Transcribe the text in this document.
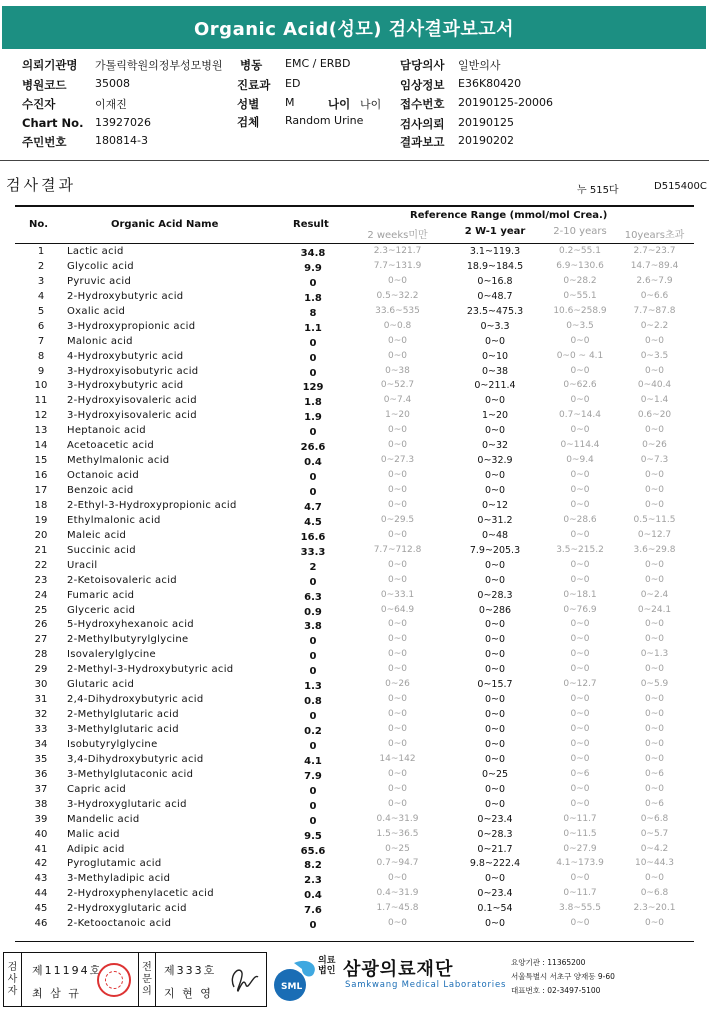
Organic Acid(성모) 검사결과보고서
의뢰기관명 가톨릭학원의정부성모병원 병동 EMC / ERBD	담당의사 일반의사
병원코드	35008	진료과 ED	임상정보 E36K80420
수진자	이재진	성별 M	나이 나이 접수번호 20190125-20006
Chart No. 13927026	검체 Random Urine	검사의뢰 20190125
주민번호	180814-3	결과보고 20190202
검사결과	누 515다	D515400C
No.	Organic Acid Name	Result
Reference Range (mmol/mol Crea.)
2 weeks미만	2 W-1 year	2-10 years	10years초과
1	Lactic acid	34.8	2.3~121.7	3.1~119.3	0.2~55.1	2.7~23.7
2	Glycolic acid	9.9	7.7~131.9	18.9~184.5	6.9~130.6	14.7~89.4
3	Pyruvic acid	0	0~0	0~16.8	0~28.2	2.6~7.9
4	2-Hydroxybutyric acid	1.8	0.5~32.2	0~48.7	0~55.1	0~6.6
5	Oxalic acid	8	33.6~535	23.5~475.3	10.6~258.9	7.7~87.8
6	3-Hydroxypropionic acid	1.1	0~0.8	0~3.3	0~3.5	0~2.2
7	Malonic acid	0	0~0	0~0	0~0	0~0
8	4-Hydroxybutyric acid	0	0~0	0~10	0~0 ~ 4.1	0~3.5
9	3-Hydroxyisobutyric acid	0	0~38	0~38	0~0	0~0
10	3-Hydroxybutyric acid	129	0~52.7	0~211.4	0~62.6	0~40.4
11	2-Hydroxyisovaleric acid	1.8	0~7.4	0~0	0~0	0~1.4
12	3-Hydroxyisovaleric acid	1.9	1~20	1~20	0.7~14.4	0.6~20
13	Heptanoic acid	0	0~0	0~0	0~0	0~0
14	Acetoacetic acid	26.6	0~0	0~32	0~114.4	0~26
15	Methylmalonic acid	0.4	0~27.3	0~32.9	0~9.4	0~7.3
16	Octanoic acid	0	0~0	0~0	0~0	0~0
17	Benzoic acid	0	0~0	0~0	0~0	0~0
18	2-Ethyl-3-Hydroxypropionic acid	4.7	0~0	0~12	0~0	0~0
19	Ethylmalonic acid	4.5	0~29.5	0~31.2	0~28.6	0.5~11.5
20	Maleic acid	16.6	0~0	0~48	0~0	0~12.7
21	Succinic acid	33.3	7.7~712.8	7.9~205.3	3.5~215.2	3.6~29.8
22	Uracil	2	0~0	0~0	0~0	0~0
23	2-Ketoisovaleric acid	0	0~0	0~0	0~0	0~0
24	Fumaric acid	6.3	0~33.1	0~28.3	0~18.1	0~2.4
25	Glyceric acid	0.9	0~64.9	0~286	0~76.9	0~24.1
26	5-Hydroxyhexanoic acid	3.8	0~0	0~0	0~0	0~0
27	2-Methylbutyrylglycine	0	0~0	0~0	0~0	0~0
28	Isovalerylglycine	0	0~0	0~0	0~0	0~1.3
29	2-Methyl-3-Hydroxybutyric acid	0	0~0	0~0	0~0	0~0
30	Glutaric acid	1.3	0~26	0~15.7	0~12.7	0~5.9
31	2,4-Dihydroxybutyric acid	0.8	0~0	0~0	0~0	0~0
32	2-Methylglutaric acid	0	0~0	0~0	0~0	0~0
33	3-Methylglutaric acid	0.2	0~0	0~0	0~0	0~0
34	Isobutyrylglycine	0	0~0	0~0	0~0	0~0
35	3,4-Dihydroxybutyric acid	4.1	14~142	0~0	0~0	0~0
36	3-Methylglutaconic acid	7.9	0~0	0~25	0~6	0~6
37	Capric acid	0	0~0	0~0	0~0	0~0
38	3-Hydroxyglutaric acid	0	0~0	0~0	0~0	0~6
39	Mandelic acid	0	0.4~31.9	0~23.4	0~11.7	0~6.8
40	Malic acid	9.5	1.5~36.5	0~28.3	0~11.5	0~5.7
41	Adipic acid	65.6	0~25	0~21.7	0~27.9	0~4.2
42	Pyroglutamic acid	8.2	0.7~94.7	9.8~222.4	4.1~173.9	10~44.3
43	3-Methyladipic acid	2.3	0~0	0~0	0~0	0~0
44	2-Hydroxyphenylacetic acid	0.4	0.4~31.9	0~23.4	0~11.7	0~6.8
45	2-Hydroxyglutaric acid	7.6	1.7~45.8	0.1~54	3.8~55.5	2.3~20.1
46	2-Ketooctanoic acid	0	0~0	0~0	0~0	0~0
검
사
자
제11194호
최 삼 규
전
문
의
제333호
지 현 영	SML
의료
법인 삼광의료재단
Samkwang Medical Laboratories
요양기관 : 11365200
서울특별시 서초구 양재동 9-60
대표번호 : 02-3497-5100
